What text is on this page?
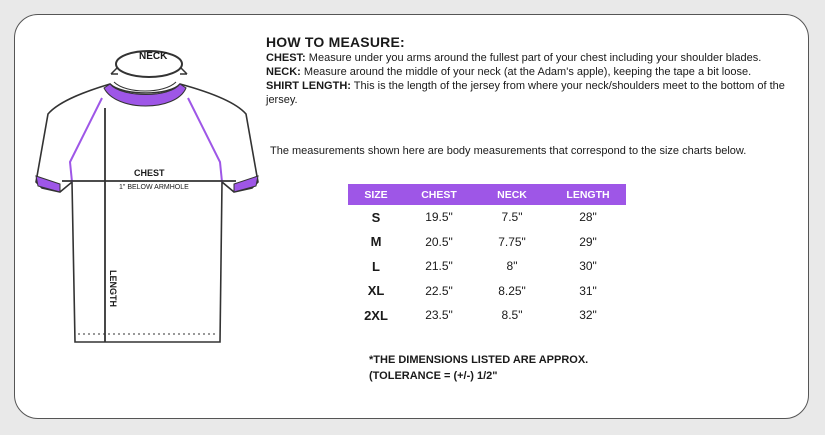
NECK
CHEST
1" BELOW ARMHOLE
LENGTH
HOW TO MEASURE:
CHEST: Measure under you arms around the fullest part of your chest including your shoulder blades.
NECK: Measure around the middle of your neck (at the Adam's apple), keeping the tape a bit loose.
SHIRT LENGTH: This is the length of the jersey from where your neck/shoulders meet to the bottom of the jersey.
The measurements shown here are body measurements that correspond to the size charts below.
SIZE	CHEST	NECK	LENGTH
S	19.5"	7.5"	28"
M	20.5"	7.75"	29"
L	21.5"	8"	30"
XL	22.5"	8.25"	31"
2XL	23.5"	8.5"	32"
*THE DIMENSIONS LISTED ARE APPROX.
(TOLERANCE = (+/-) 1/2"
